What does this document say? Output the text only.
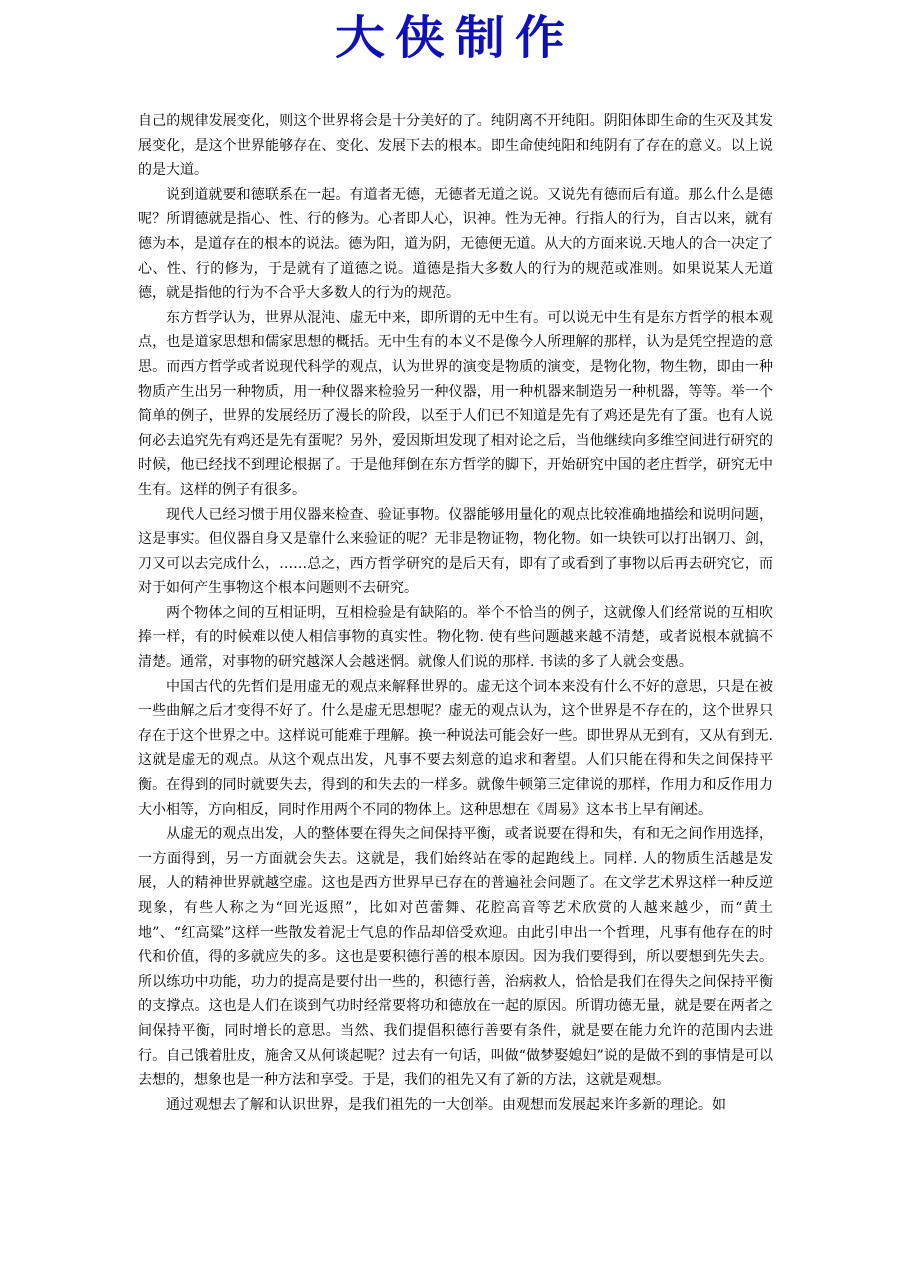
大侠制作

自己的规律发展变化，则这个世界将会是十分美好的了。纯阴离不开纯阳。阴阳体即生命的生灭及其发展变化，是这个世界能够存在、变化、发展下去的根本。即生命使纯阳和纯阴有了存在的意义。以上说的是大道。

说到道就要和德联系在一起。有道者无德，无德者无道之说。又说先有德而后有道。那么什么是德呢？所谓德就是指心、性、行的修为。心者即人心，识神。性为无神。行指人的行为，自古以来，就有德为本，是道存在的根本的说法。德为阳，道为阴，无德便无道。从大的方面来说.天地人的合一决定了心、性、行的修为，于是就有了道德之说。道德是指大多数人的行为的规范或准则。如果说某人无道德，就是指他的行为不合乎大多数人的行为的规范。

东方哲学认为，世界从混沌、虚无中来，即所谓的无中生有。可以说无中生有是东方哲学的根本观点，也是道家思想和儒家思想的概括。无中生有的本义不是像今人所理解的那样，认为是凭空捏造的意思。而西方哲学或者说现代科学的观点，认为世界的演变是物质的演变，是物化物，物生物，即由一种物质产生出另一种物质，用一种仪器来检验另一种仪器，用一种机器来制造另一种机器，等等。举一个简单的例子，世界的发展经历了漫长的阶段，以至于人们已不知道是先有了鸡还是先有了蛋。也有人说何必去追究先有鸡还是先有蛋呢？另外，爱因斯坦发现了相对论之后，当他继续向多维空间进行研究的时候，他已经找不到理论根据了。于是他拜倒在东方哲学的脚下，开始研究中国的老庄哲学，研究无中生有。这样的例子有很多。

现代人已经习惯于用仪器来检查、验证事物。仪器能够用量化的观点比较准确地描绘和说明问题，这是事实。但仪器自身又是靠什么来验证的呢？无非是物证物，物化物。如一块铁可以打出钢刀、剑，刀又可以去完成什么，……总之，西方哲学研究的是后天有，即有了或看到了事物以后再去研究它，而对于如何产生事物这个根本问题则不去研究。

两个物体之间的互相证明，互相检验是有缺陷的。举个不恰当的例子，这就像人们经常说的互相吹捧一样，有的时候难以使人相信事物的真实性。物化物. 使有些问题越来越不清楚，或者说根本就搞不清楚。通常，对事物的研究越深人会越迷惘。就像人们说的那样. 书读的多了人就会变愚。

中国古代的先哲们是用虚无的观点来解释世界的。虚无这个词本来没有什么不好的意思，只是在被一些曲解之后才变得不好了。什么是虚无思想呢？虚无的观点认为，这个世界是不存在的，这个世界只存在于这个世界之中。这样说可能难于理解。换一种说法可能会好一些。即世界从无到有，又从有到无.这就是虚无的观点。从这个观点出发，凡事不要去刻意的追求和奢望。人们只能在得和失之间保持平衡。在得到的同时就要失去，得到的和失去的一样多。就像牛顿第三定律说的那样，作用力和反作用力大小相等，方向相反，同时作用两个不同的物体上。这种思想在《周易》这本书上早有阐述。

从虚无的观点出发，人的整体要在得失之间保持平衡，或者说要在得和失，有和无之间作用选择，一方面得到，另一方面就会失去。这就是，我们始终站在零的起跑线上。同样. 人的物质生活越是发展，人的精神世界就越空虚。这也是西方世界早已存在的普遍社会问题了。在文学艺术界这样一种反逆现象，有些人称之为“回光返照”，比如对芭蕾舞、花腔高音等艺术欣赏的人越来越少，而“黄土地”、“红高粱”这样一些散发着泥士气息的作品却倍受欢迎。由此引申出一个哲理，凡事有他存在的时代和价值，得的多就应失的多。这也是要积德行善的根本原因。因为我们要得到，所以要想到先失去。所以练功中功能，功力的提高是要付出一些的，积德行善，治病救人，恰恰是我们在得失之间保持平衡的支撑点。这也是人们在谈到气功时经常要将功和德放在一起的原因。所谓功德无量，就是要在两者之间保持平衡，同时增长的意思。当然、我们提倡积德行善要有条件，就是要在能力允许的范围内去进行。自己饿着肚皮，施舍又从何谈起呢？过去有一句话，叫做“做梦娶媳妇”说的是做不到的事情是可以去想的，想象也是一种方法和享受。于是，我们的祖先又有了新的方法，这就是观想。

通过观想去了解和认识世界，是我们祖先的一大创举。由观想而发展起来许多新的理论。如
